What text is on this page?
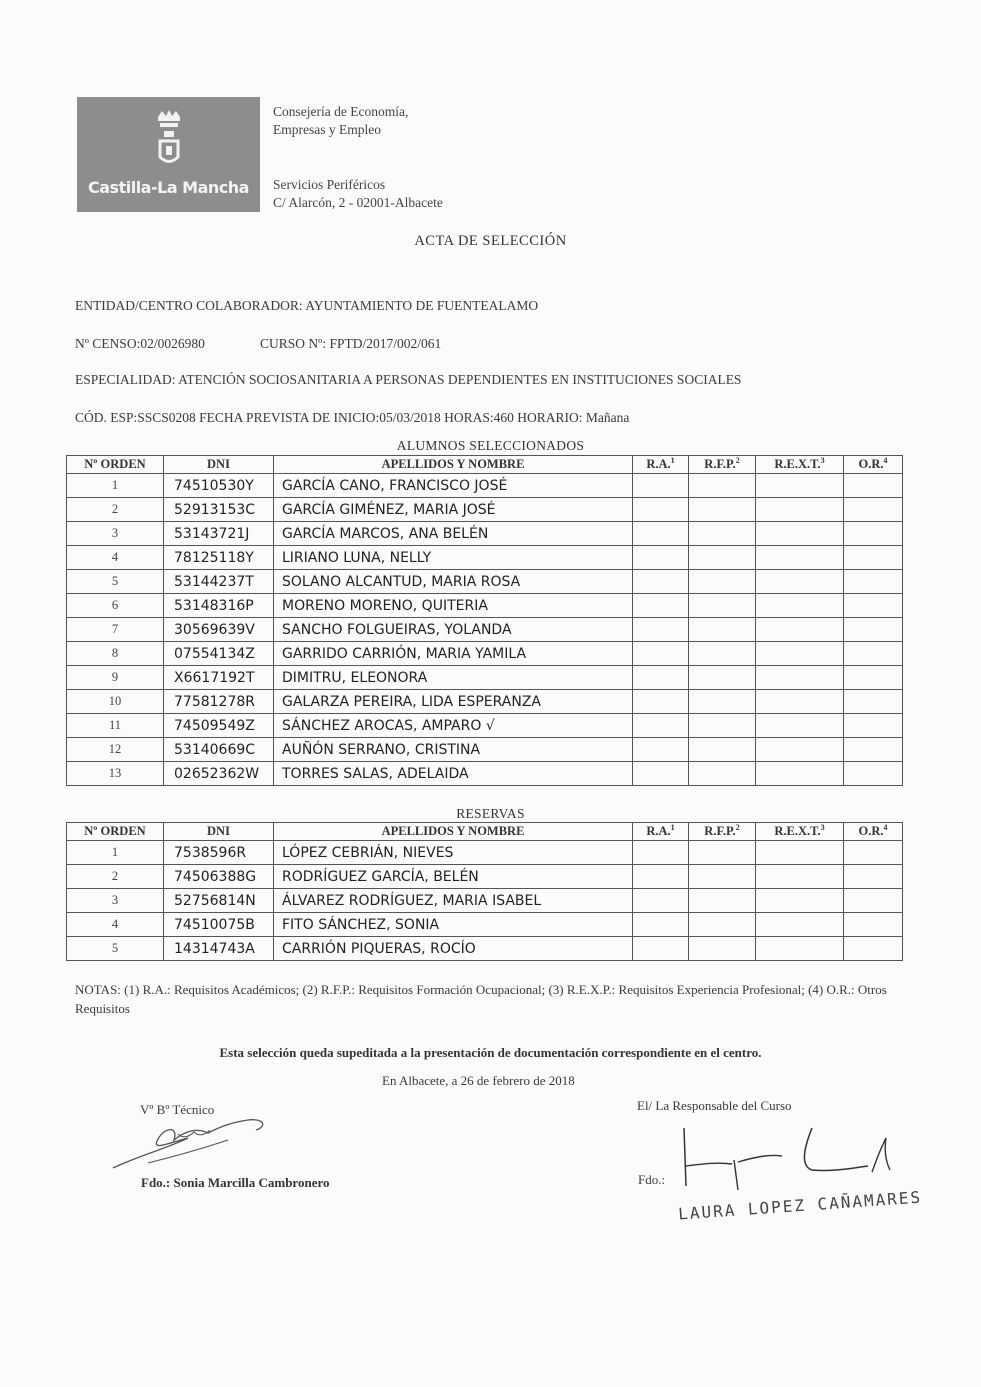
Castilla-La Mancha
Consejería de Economía,
Empresas y Empleo
Servicios Periféricos
C/ Alarcón, 2 - 02001-Albacete
ACTA DE SELECCIÓN
ENTIDAD/CENTRO COLABORADOR: AYUNTAMIENTO DE FUENTEALAMO
Nº CENSO:02/0026980	CURSO Nº: FPTD/2017/002/061
ESPECIALIDAD: ATENCIÓN SOCIOSANITARIA A PERSONAS DEPENDIENTES EN INSTITUCIONES SOCIALES
CÓD. ESP:SSCS0208 FECHA PREVISTA DE INICIO:05/03/2018 HORAS:460 HORARIO: Mañana
ALUMNOS SELECCIONADOS
Nº ORDEN	DNI	APELLIDOS Y NOMBRE	R.A.$^1$	R.F.P.$^2$	R.E.X.T.$^3$	O.R.$^4$
1	74510530Y	GARCÍA CANO, FRANCISCO JOSÉ				
2	52913153C	GARCÍA GIMÉNEZ, MARIA JOSÉ				
3	53143721J	GARCÍA MARCOS, ANA BELÉN				
4	78125118Y	LIRIANO LUNA, NELLY				
5	53144237T	SOLANO ALCANTUD, MARIA ROSA				
6	53148316P	MORENO MORENO, QUITERIA				
7	30569639V	SANCHO FOLGUEIRAS, YOLANDA				
8	07554134Z	GARRIDO CARRIÓN, MARIA YAMILA				
9	X6617192T	DIMITRU, ELEONORA				
10	77581278R	GALARZA PEREIRA, LIDA ESPERANZA				
11	74509549Z	SÁNCHEZ AROCAS, AMPARO √				
12	53140669C	AUÑÓN SERRANO, CRISTINA				
13	02652362W	TORRES SALAS, ADELAIDA				
RESERVAS
Nº ORDEN	DNI	APELLIDOS Y NOMBRE	R.A.$^1$	R.F.P.$^2$	R.E.X.T.$^3$	O.R.$^4$
1	7538596R	LÓPEZ CEBRIÁN, NIEVES				
2	74506388G	RODRÍGUEZ GARCÍA, BELÉN				
3	52756814N	ÁLVAREZ RODRÍGUEZ, MARIA ISABEL				
4	74510075B	FITO SÁNCHEZ, SONIA				
5	14314743A	CARRIÓN PIQUERAS, ROCÍO				
NOTAS: (1) R.A.: Requisitos Académicos; (2) R.F.P.: Requisitos Formación Ocupacional; (3) R.E.X.P.: Requisitos Experiencia Profesional; (4) O.R.: Otros Requisitos
Esta selección queda supeditada a la presentación de documentación correspondiente en el centro.
En Albacete, a 26 de febrero de 2018
Vº Bº Técnico
Fdo.: Sonia Marcilla Cambronero
El/ La Responsable del Curso
Fdo.:
LAURA LOPEZ CAÑAMARES
